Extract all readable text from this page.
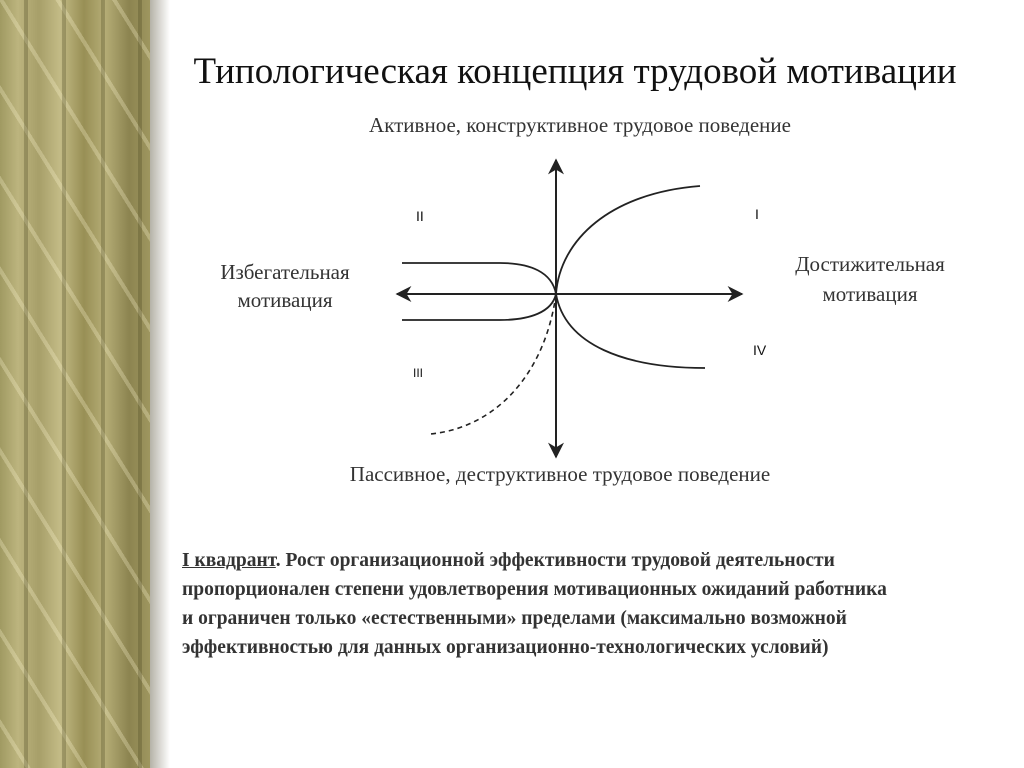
Типологическая концепция трудовой мотивации
Активное, конструктивное трудовое поведение
Пассивное, деструктивное трудовое поведение
Избегательная
мотивация
Достижительная
мотивация
I
II
III
IV
I квадрант. Рост организационной эффективности трудовой деятельности пропорционален степени удовлетворения мотивационных ожиданий работника и ограничен только «естественными» пределами (максимально возможной эффективностью для данных организационно-технологических условий)
